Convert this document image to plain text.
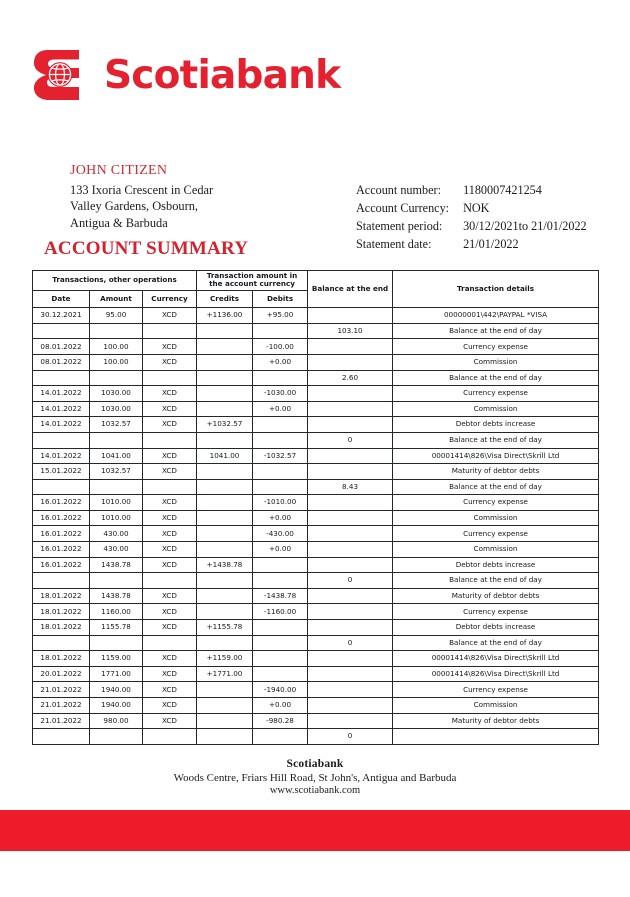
Scotiabank
JOHN CITIZEN
133 Ixoria Crescent in Cedar
Valley Gardens, Osbourn,
Antigua & Barbuda
Account number:	1180007421254
Account Currency:	NOK
Statement period:	30/12/2021to 21/01/2022
Statement date:	21/01/2022
ACCOUNT SUMMARY
Transactions, other operations			Transaction amount in the account currency		Balance at the end	Transaction details
Date	Amount	Currency	Credits	Debits		
30.12.2021	95.00	XCD	+1136.00	+95.00		00000001\442\PAYPAL *VISA
					103.10	Balance at the end of day
08.01.2022	100.00	XCD		-100.00		Currency expense
08.01.2022	100.00	XCD		+0.00		Commission
					2.60	Balance at the end of day
14.01.2022	1030.00	XCD		-1030.00		Currency expense
14.01.2022	1030.00	XCD		+0.00		Commission
14.01.2022	1032.57	XCD	+1032.57			Debtor debts increase
					0	Balance at the end of day
14.01.2022	1041.00	XCD	1041.00	-1032.57		00001414\826\Visa Direct\Skrill Ltd
15.01.2022	1032.57	XCD				Maturity of debtor debts
					8.43	Balance at the end of day
16.01.2022	1010.00	XCD		-1010.00		Currency expense
16.01.2022	1010.00	XCD		+0.00		Commission
16.01.2022	430.00	XCD		-430.00		Currency expense
16.01.2022	430.00	XCD		+0.00		Commission
16.01.2022	1438.78	XCD	+1438.78			Debtor debts increase
					0	Balance at the end of day
18.01.2022	1438.78	XCD		-1438.78		Maturity of debtor debts
18.01.2022	1160.00	XCD		-1160.00		Currency expense
18.01.2022	1155.78	XCD	+1155.78			Debtor debts increase
					0	Balance at the end of day
18.01.2022	1159.00	XCD	+1159.00			00001414\826\Visa Direct\Skrill Ltd
20.01.2022	1771.00	XCD	+1771.00			00001414\826\Visa Direct\Skrill Ltd
21.01.2022	1940.00	XCD		-1940.00		Currency expense
21.01.2022	1940.00	XCD		+0.00		Commission
21.01.2022	980.00	XCD		-980.28		Maturity of debtor debts
					0	
Scotiabank
Woods Centre, Friars Hill Road, St John's, Antigua and Barbuda
www.scotiabank.com
